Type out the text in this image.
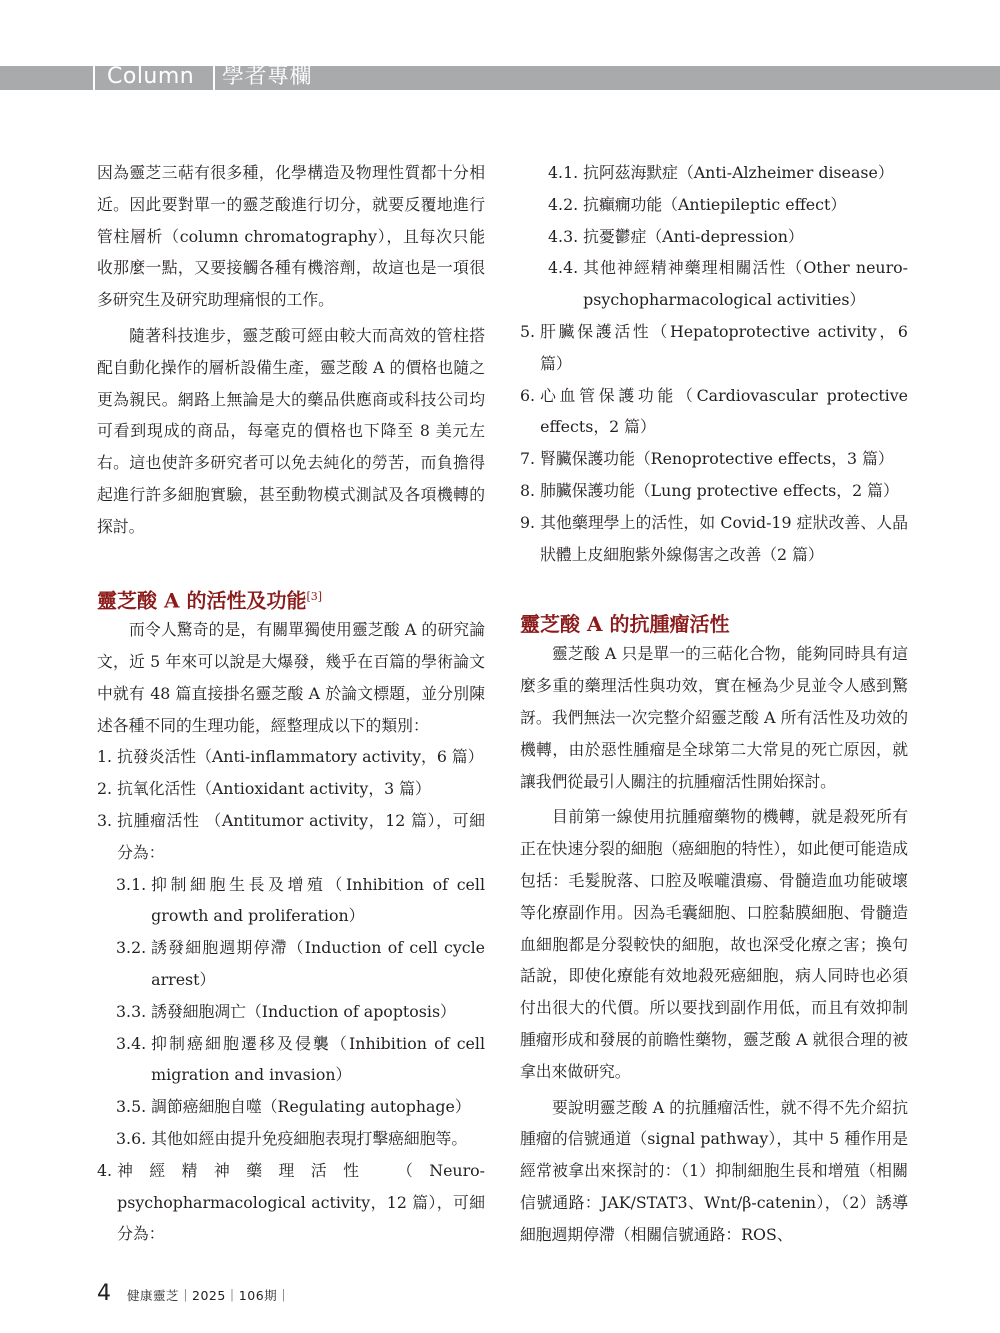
Column 學者專欄

因為靈芝三萜有很多種，化學構造及物理性質都十分相近。因此要對單一的靈芝酸進行切分，就要反覆地進行管柱層析（column chromatography），且每次只能收那麼一點，又要接觸各種有機溶劑，故這也是一項很多研究生及研究助理痛恨的工作。

隨著科技進步，靈芝酸可經由較大而高效的管柱搭配自動化操作的層析設備生產，靈芝酸 A 的價格也隨之更為親民。網路上無論是大的藥品供應商或科技公司均可看到現成的商品，每毫克的價格也下降至 8 美元左右。這也使許多研究者可以免去純化的勞苦，而負擔得起進行許多細胞實驗，甚至動物模式測試及各項機轉的探討。

靈芝酸 A 的活性及功能[3]

而令人驚奇的是，有關單獨使用靈芝酸 A 的研究論文，近 5 年來可以說是大爆發，幾乎在百篇的學術論文中就有 48 篇直接掛名靈芝酸 A 於論文標題，並分別陳述各種不同的生理功能，經整理成以下的類別：

1. 抗發炎活性（Anti-inflammatory activity，6 篇）
2. 抗氧化活性（Antioxidant activity，3 篇）
3. 抗腫瘤活性 （Antitumor activity，12 篇），可細分為：
3.1. 抑制細胞生長及增殖（Inhibition of cell growth and proliferation）
3.2. 誘發細胞週期停滯（Induction of cell cycle arrest）
3.3. 誘發細胞凋亡（Induction of apoptosis）
3.4. 抑制癌細胞遷移及侵襲（Inhibition of cell migration and invasion）
3.5. 調節癌細胞自噬（Regulating autophage）
3.6. 其他如經由提升免疫細胞表現打擊癌細胞等。
4. 神經精神藥理活性 （Neuro-psychopharmacological activity，12 篇），可細分為：
4.1. 抗阿茲海默症（Anti-Alzheimer disease）
4.2. 抗癲癇功能（Antiepileptic effect）
4.3. 抗憂鬱症（Anti-depression）
4.4. 其他神經精神藥理相關活性（Other neuro-psychopharmacological activities）
5. 肝臟保護活性（Hepatoprotective activity，6 篇）
6. 心血管保護功能（Cardiovascular protective effects，2 篇）
7. 腎臟保護功能（Renoprotective effects，3 篇）
8. 肺臟保護功能（Lung protective effects，2 篇）
9. 其他藥理學上的活性，如 Covid-19 症狀改善、人晶狀體上皮細胞紫外線傷害之改善（2 篇）
靈芝酸 A 的抗腫瘤活性

靈芝酸 A 只是單一的三萜化合物，能夠同時具有這麼多重的藥理活性與功效，實在極為少見並令人感到驚訝。我們無法一次完整介紹靈芝酸 A 所有活性及功效的機轉，由於惡性腫瘤是全球第二大常見的死亡原因，就讓我們從最引人關注的抗腫瘤活性開始探討。

目前第一線使用抗腫瘤藥物的機轉，就是殺死所有正在快速分裂的細胞（癌細胞的特性），如此便可能造成包括：毛髮脫落、口腔及喉嚨潰瘍、骨髓造血功能破壞等化療副作用。因為毛囊細胞、口腔黏膜細胞、骨髓造血細胞都是分裂較快的細胞，故也深受化療之害；換句話說，即使化療能有效地殺死癌細胞，病人同時也必須付出很大的代價。所以要找到副作用低，而且有效抑制腫瘤形成和發展的前瞻性藥物，靈芝酸 A 就很合理的被拿出來做研究。

要說明靈芝酸 A 的抗腫瘤活性，就不得不先介紹抗腫瘤的信號通道（signal pathway），其中 5 種作用是經常被拿出來探討的：（1）抑制細胞生長和增殖（相關信號通路：JAK/STAT3、Wnt/β-catenin），（2）誘導細胞週期停滯（相關信號通路：ROS、

4 健康靈芝｜2025｜106期｜
